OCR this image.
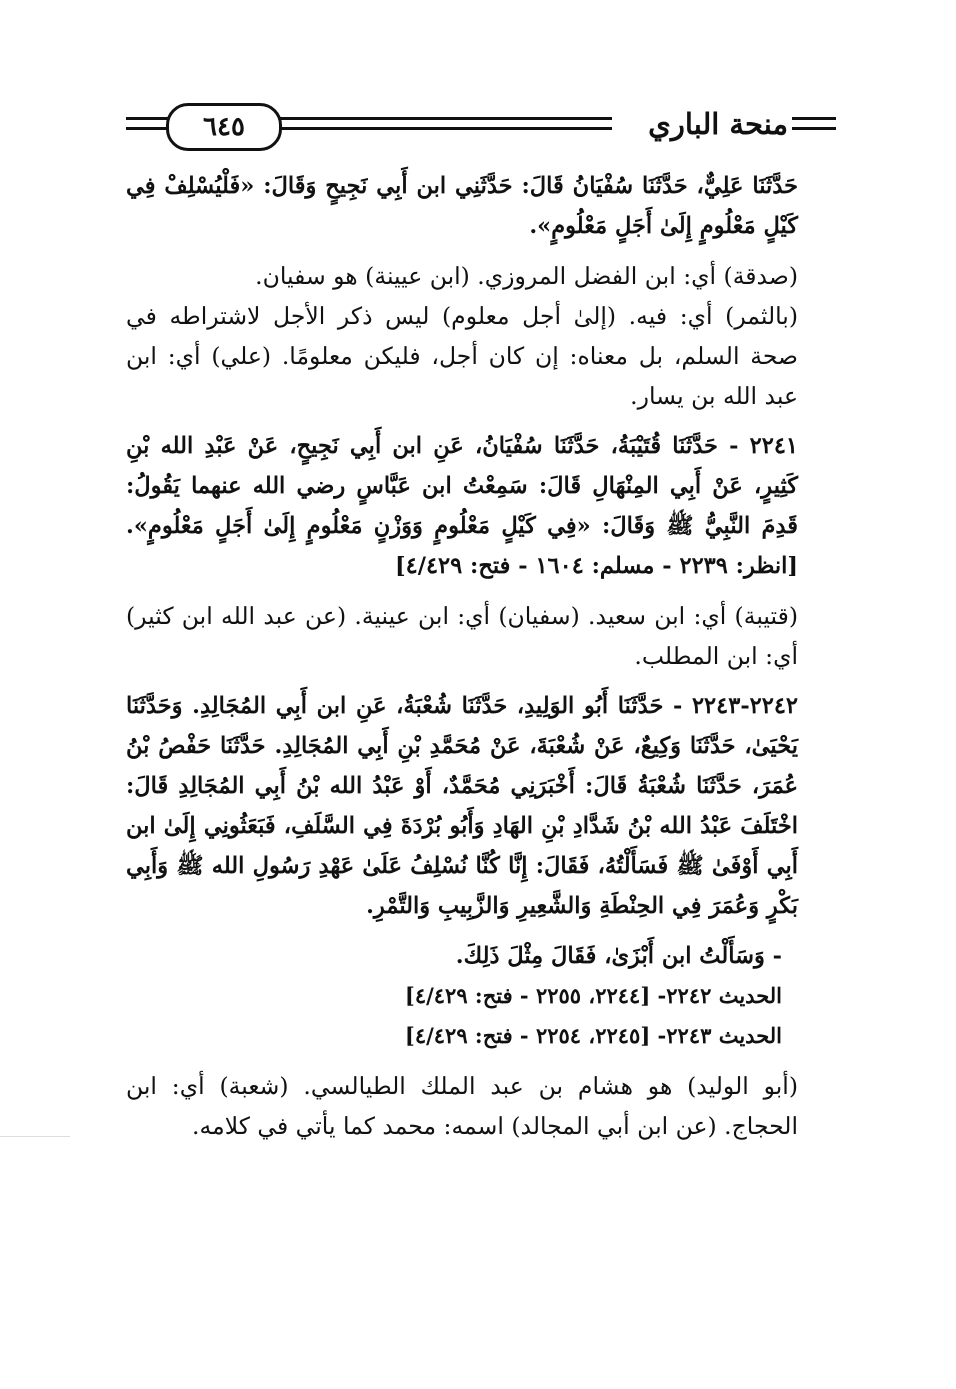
٦٤٥	منحة الباري

حَدَّثَنَا عَلِيٌّ، حَدَّثَنَا سُفْيَانُ قَالَ: حَدَّثَنِي ابن أَبِي نَجِيحٍ وَقَالَ: «فَلْيُسْلِفْ فِي كَيْلٍ مَعْلُومٍ إِلَىٰ أَجَلٍ مَعْلُومٍ».

(صدقة) أي: ابن الفضل المروزي. (ابن عيينة) هو سفيان.

(بالثمر) أي: فيه. (إلىٰ أجل معلوم) ليس ذكر الأجل لاشتراطه في صحة السلم، بل معناه: إن كان أجل، فليكن معلومًا. (علي) أي: ابن عبد الله بن يسار.

٢٢٤١ - حَدَّثَنَا قُتَيْبَةُ، حَدَّثَنَا سُفْيَانُ، عَنِ ابن أَبِي نَجِيحٍ، عَنْ عَبْدِ الله بْنِ كَثِيرٍ، عَنْ أَبِي المِنْهَالِ قَالَ: سَمِعْتُ ابن عَبَّاسٍ رضي الله عنهما يَقُولُ: قَدِمَ النَّبِيُّ ﷺ وَقَالَ: «فِي كَيْلٍ مَعْلُومٍ وَوَزْنٍ مَعْلُومٍ إِلَىٰ أَجَلٍ مَعْلُومٍ». [انظر: ٢٢٣٩ - مسلم: ١٦٠٤ - فتح: ٤/٤٢٩]

(قتيبة) أي: ابن سعيد. (سفيان) أي: ابن عينية. (عن عبد الله ابن كثير) أي: ابن المطلب.

٢٢٤٢-٢٢٤٣ - حَدَّثَنَا أَبُو الوَلِيدِ، حَدَّثَنَا شُعْبَةُ، عَنِ ابن أَبِي المُجَالِدِ. وَحَدَّثَنَا يَحْيَىٰ، حَدَّثَنَا وَكِيعٌ، عَنْ شُعْبَةَ، عَنْ مُحَمَّدِ بْنِ أَبِي المُجَالِدِ. حَدَّثَنَا حَفْصُ بْنُ عُمَرَ، حَدَّثَنَا شُعْبَةُ قَالَ: أَخْبَرَنِي مُحَمَّدٌ، أَوْ عَبْدُ الله بْنُ أَبِي المُجَالِدِ قَالَ: اخْتَلَفَ عَبْدُ الله بْنُ شَدَّادِ بْنِ الهَادِ وَأَبُو بُرْدَةَ فِي السَّلَفِ، فَبَعَثُونِي إِلَىٰ ابن أَبِي أَوْفَىٰ ﷺ فَسَأَلْتُهُ، فَقَالَ: إِنَّا كُنَّا نُسْلِفُ عَلَىٰ عَهْدِ رَسُولِ الله ﷺ وَأَبِي بَكْرٍ وَعُمَرَ فِي الحِنْطَةِ وَالشَّعِيرِ وَالزَّبِيبِ وَالتَّمْرِ.

- وَسَأَلْتُ ابن أَبْزَىٰ، فَقَالَ مِثْلَ ذَلِكَ.

الحديث ٢٢٤٢- [٢٢٤٤، ٢٢٥٥ - فتح: ٤/٤٢٩]

الحديث ٢٢٤٣- [٢٢٤٥، ٢٢٥٤ - فتح: ٤/٤٢٩]

(أبو الوليد) هو هشام بن عبد الملك الطيالسي. (شعبة) أي: ابن الحجاج. (عن ابن أبي المجالد) اسمه: محمد كما يأتي في كلامه.
